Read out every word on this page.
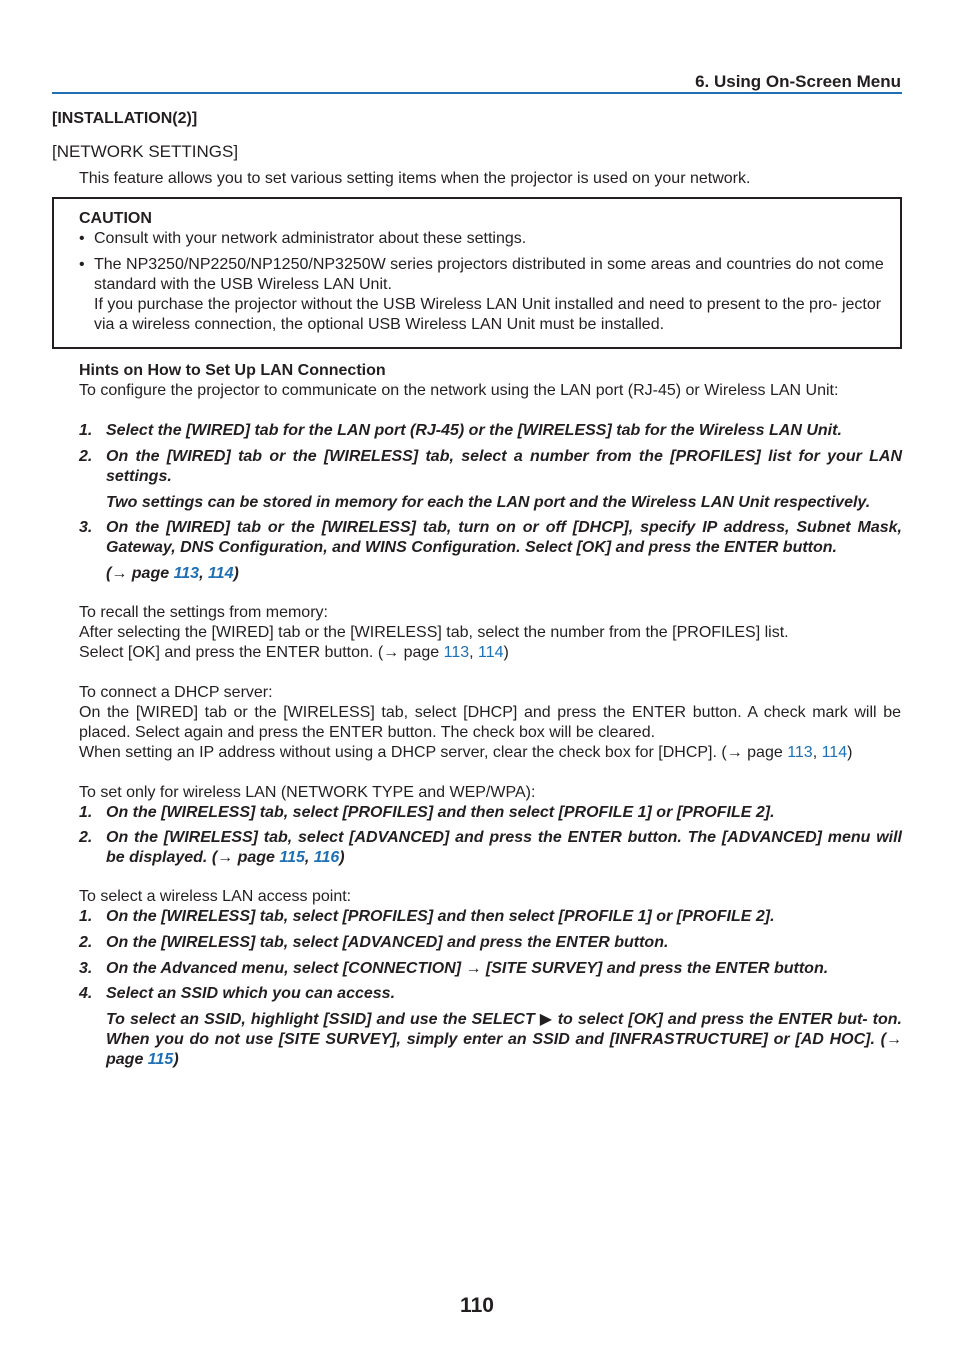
6. Using On-Screen Menu
[INSTALLATION(2)]
[NETWORK SETTINGS]
This feature allows you to set various setting items when the projector is used on your network.
CAUTION
• Consult with your network administrator about these settings.
• The NP3250/NP2250/NP1250/NP3250W series projectors distributed in some areas and countries do not come standard with the USB Wireless LAN Unit.
If you purchase the projector without the USB Wireless LAN Unit installed and need to present to the pro- jector via a wireless connection, the optional USB Wireless LAN Unit must be installed.
Hints on How to Set Up LAN Connection
To configure the projector to communicate on the network using the LAN port (RJ-45) or Wireless LAN Unit:
1. Select the [WIRED] tab for the LAN port (RJ-45) or the [WIRELESS] tab for the Wireless LAN Unit.
2. On the [WIRED] tab or the [WIRELESS] tab, select a number from the [PROFILES] list for your LAN settings.
Two settings can be stored in memory for each the LAN port and the Wireless LAN Unit respectively.
3. On the [WIRED] tab or the [WIRELESS] tab, turn on or off [DHCP], specify IP address, Subnet Mask, Gateway, DNS Configuration, and WINS Configuration. Select [OK] and press the ENTER button.
(→ page 113, 114)
To recall the settings from memory:
After selecting the [WIRED] tab or the [WIRELESS] tab, select the number from the [PROFILES] list.
Select [OK] and press the ENTER button. (→ page 113, 114)
To connect a DHCP server:
On the [WIRED] tab or the [WIRELESS] tab, select [DHCP] and press the ENTER button. A check mark will be placed. Select again and press the ENTER button. The check box will be cleared.
When setting an IP address without using a DHCP server, clear the check box for [DHCP]. (→ page 113, 114)
To set only for wireless LAN (NETWORK TYPE and WEP/WPA):
1. On the [WIRELESS] tab, select [PROFILES] and then select [PROFILE 1] or [PROFILE 2].
2. On the [WIRELESS] tab, select [ADVANCED] and press the ENTER button. The [ADVANCED] menu will be displayed. (→ page 115, 116)
To select a wireless LAN access point:
1. On the [WIRELESS] tab, select [PROFILES] and then select [PROFILE 1] or [PROFILE 2].
2. On the [WIRELESS] tab, select [ADVANCED] and press the ENTER button.
3. On the Advanced menu, select [CONNECTION] → [SITE SURVEY] and press the ENTER button.
4. Select an SSID which you can access.
To select an SSID, highlight [SSID] and use the SELECT ▶ to select [OK] and press the ENTER but- ton. When you do not use [SITE SURVEY], simply enter an SSID and [INFRASTRUCTURE] or [AD HOC]. (→ page 115)
110
